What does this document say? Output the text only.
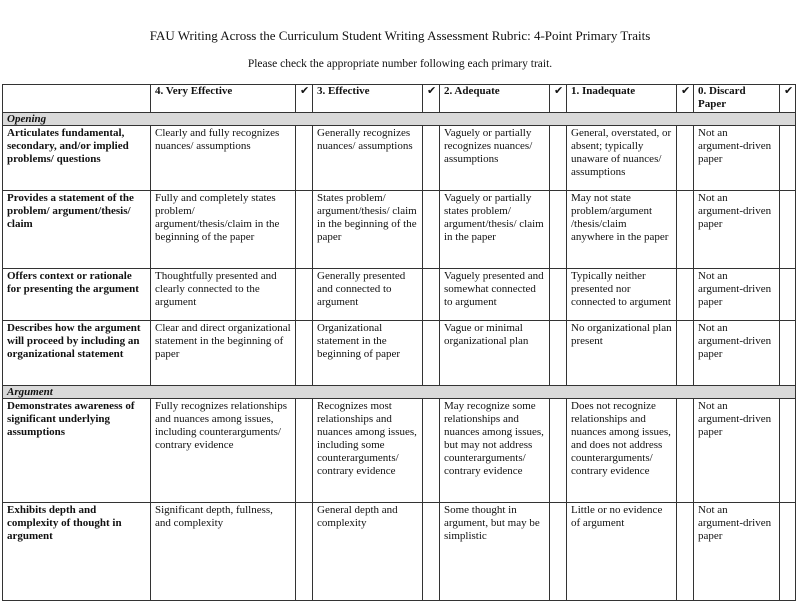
FAU Writing Across the Curriculum Student Writing Assessment Rubric: 4-Point Primary Traits
Please check the appropriate number following each primary trait.
	4. Very Effective	✔	3. Effective	✔	2. Adequate	✔	1. Inadequate	✔	0. Discard Paper	✔
Opening										
Articulates fundamental, secondary, and/or implied problems/ questions	Clearly and fully recognizes nuances/ assumptions		Generally recognizes nuances/ assumptions		Vaguely or partially recognizes nuances/ assumptions		General, overstated, or absent; typically unaware of nuances/ assumptions		Not an argument-driven paper	
Provides a statement of the problem/ argument/thesis/ claim	Fully and completely states problem/ argument/thesis/claim in the beginning of the paper		States problem/ argument/thesis/ claim in the beginning of the paper		Vaguely or partially states problem/ argument/thesis/ claim in the paper		May not state problem/argument /thesis/claim anywhere in the paper		Not an argument-driven paper	
Offers context or rationale for presenting the argument	Thoughtfully presented and clearly connected to the argument		Generally presented and connected to argument		Vaguely presented and somewhat connected to argument		Typically neither presented nor connected to argument		Not an argument-driven paper	
Describes how the argument will proceed by including an organizational statement	Clear and direct organizational statement in the beginning of paper		Organizational statement in the beginning of paper		Vague or minimal organizational plan		No organizational plan present		Not an argument-driven paper	
Argument										
Demonstrates awareness of significant underlying assumptions	Fully recognizes relationships and nuances among issues, including counterarguments/ contrary evidence		Recognizes most relationships and nuances among issues, including some counterarguments/ contrary evidence		May recognize some relationships and nuances among issues, but may not address counterarguments/ contrary evidence		Does not recognize relationships and nuances among issues, and does not address counterarguments/ contrary evidence		Not an argument-driven paper	
Exhibits depth and complexity of thought in argument	Significant depth, fullness, and complexity		General depth and complexity		Some thought in argument, but may be simplistic		Little or no evidence of argument		Not an argument-driven paper	
